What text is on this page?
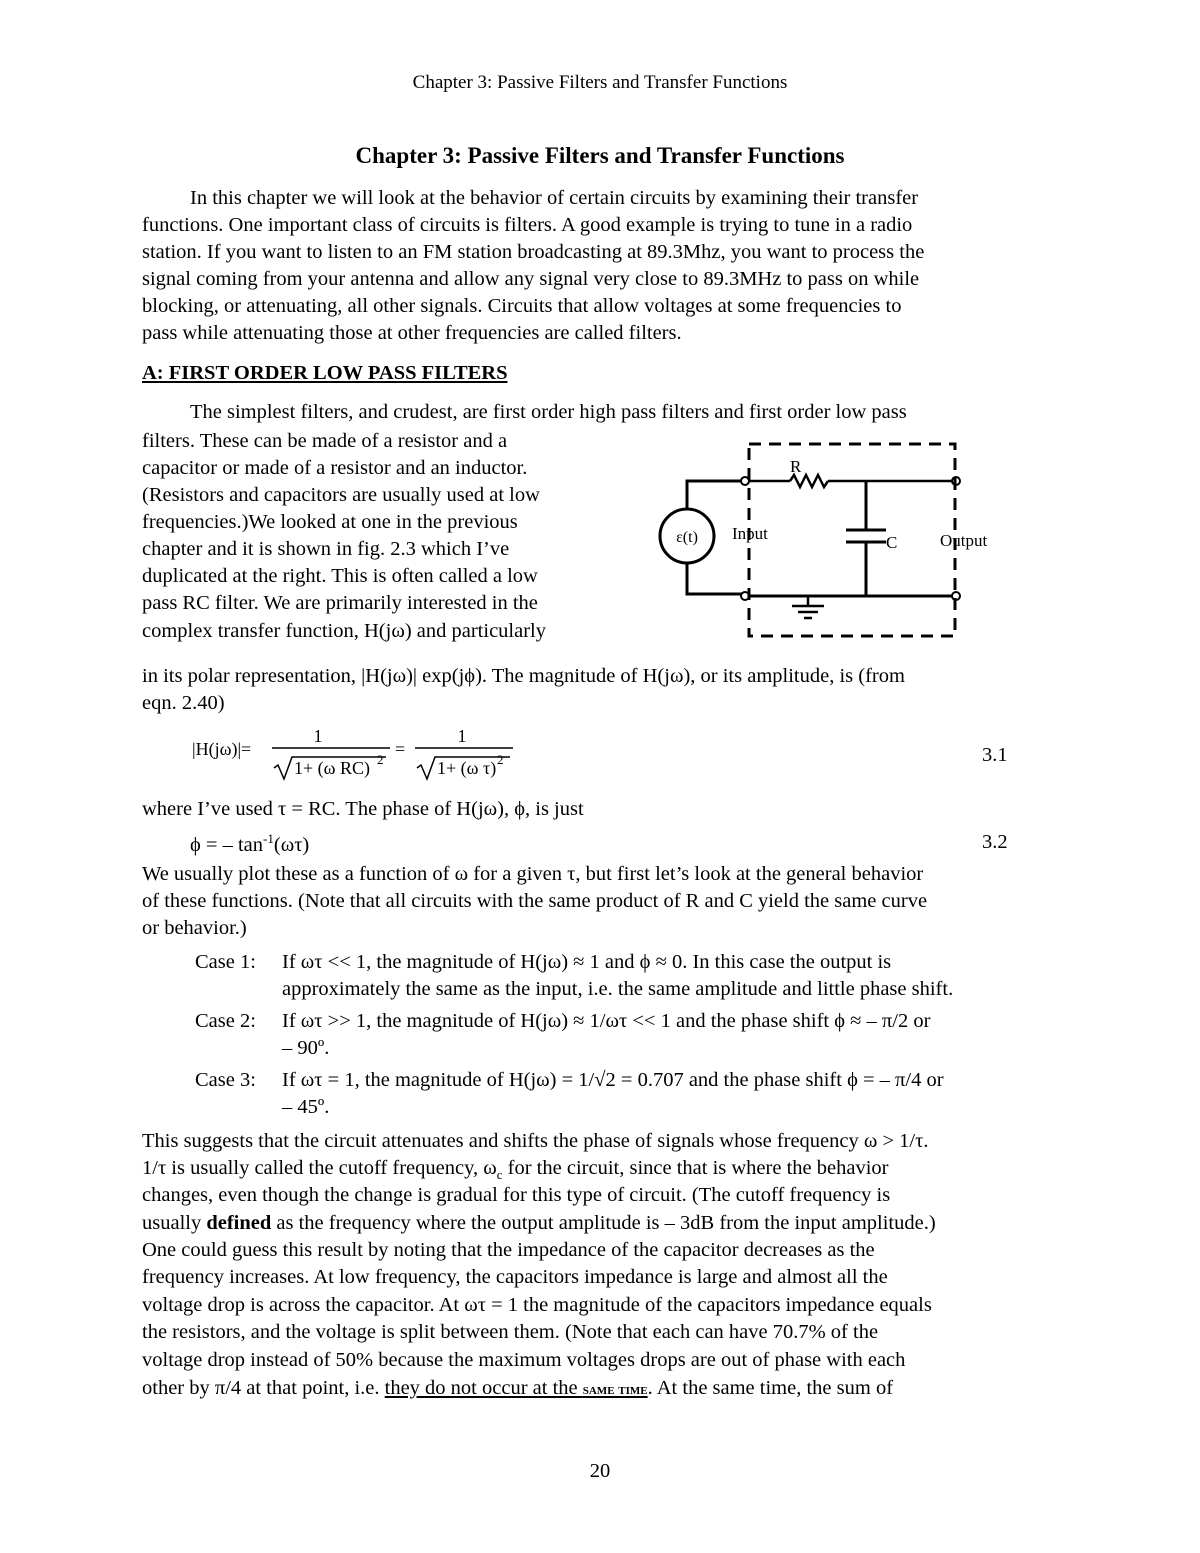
Chapter 3: Passive Filters and Transfer Functions
Chapter 3: Passive Filters and Transfer Functions
In this chapter we will look at the behavior of certain circuits by examining their transfer
functions. One important class of circuits is filters. A good example is trying to tune in a radio
station. If you want to listen to an FM station broadcasting at 89.3Mhz, you want to process the
signal coming from your antenna and allow any signal very close to 89.3MHz to pass on while
blocking, or attenuating, all other signals. Circuits that allow voltages at some frequencies to
pass while attenuating those at other frequencies are called filters.
A: FIRST ORDER LOW PASS FILTERS
The simplest filters, and crudest, are first order high pass filters and first order low pass
filters. These can be made of a resistor and a
capacitor or made of a resistor and an inductor.
(Resistors and capacitors are usually used at low
frequencies.)We looked at one in the previous
chapter and it is shown in fig. 2.3 which I’ve
duplicated at the right. This is often called a low
pass RC filter. We are primarily interested in the
complex transfer function, H(jω) and particularly
in its polar representation, |H(jω)| exp(jϕ). The magnitude of H(jω), or its amplitude, is (from
eqn. 2.40)
ε(t)
R
C
Input	Output
|H(jω)|=
1
1+ (ω RC) 2
=
1
1+ (ω τ) 2	3.1
where I’ve used τ = RC. The phase of H(jω), ϕ, is just
ϕ = – $\tan^{-1}(\omega\tau)$	3.2
We usually plot these as a function of ω for a given τ, but first let’s look at the general behavior
of these functions. (Note that all circuits with the same product of R and C yield the same curve
or behavior.)
Case 1: If ωτ << 1, the magnitude of H(jω) ≈ 1 and ϕ ≈ 0. In this case the output is
approximately the same as the input, i.e. the same amplitude and little phase shift.
Case 2: If ωτ >> 1, the magnitude of H(jω) ≈ 1/ωτ << 1 and the phase shift ϕ ≈ – π/2 or
– 90º.
Case 3: If ωτ = 1, the magnitude of H(jω) = 1/√2 = 0.707 and the phase shift ϕ = – π/4 or
– 45º.
This suggests that the circuit attenuates and shifts the phase of signals whose frequency ω > 1/τ.
1/τ is usually called the cutoff frequency, $\omega_c$ for the circuit, since that is where the behavior
changes, even though the change is gradual for this type of circuit. (The cutoff frequency is
usually defined as the frequency where the output amplitude is – 3dB from the input amplitude.)
One could guess this result by noting that the impedance of the capacitor decreases as the
frequency increases. At low frequency, the capacitors impedance is large and almost all the
voltage drop is across the capacitor. At ωτ = 1 the magnitude of the capacitors impedance equals
the resistors, and the voltage is split between them. (Note that each can have 70.7% of the
voltage drop instead of 50% because the maximum voltages drops are out of phase with each
other by π/4 at that point, i.e. they do not occur at the same time. At the same time, the sum of
20
